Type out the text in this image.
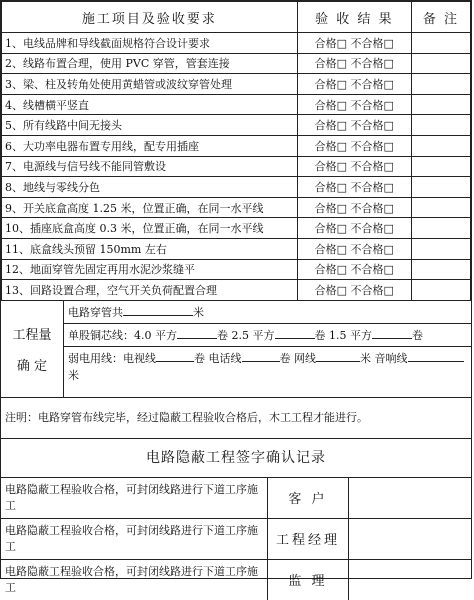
施工项目及验收要求	验 收 结 果	备 注
1、电线品牌和导线截面规格符合设计要求	合格□ 不合格□	
2、线路布置合理，使用 PVC 穿管，管套连接	合格□ 不合格□	
3、梁、柱及转角处使用黄蜡管或波纹穿管处理	合格□ 不合格□	
4、线槽横平竖直	合格□ 不合格□	
5、所有线路中间无接头	合格□ 不合格□	
6、大功率电器布置专用线，配专用插座	合格□ 不合格□	
7、电源线与信号线不能同管敷设	合格□ 不合格□	
8、地线与零线分色	合格□ 不合格□	
9、开关底盒高度 1.25 米，位置正确，在同一水平线	合格□ 不合格□	
10、插座底盒高度 0.3 米，位置正确，在同一水平线	合格□ 不合格□	
11、底盒线头预留 150mm 左右	合格□ 不合格□	
12、地面穿管先固定再用水泥沙浆缝平	合格□ 不合格□	
13、回路设置合理，空气开关负荷配置合理	合格□ 不合格□	
工程量
确 定
电路穿管共	米
单股铜芯线：4.0 平方	卷 2.5 平方	卷 1.5 平方	卷
弱电用线：电视线	卷 电话线	卷 网线	米 音响线米
注明：电路穿管布线完毕，经过隐蔽工程验收合格后，木工工程才能进行。
电路隐蔽工程签字确认记录
电路隐蔽工程验收合格，可封闭线路进行下道工序施工	客 户
电路隐蔽工程验收合格，可封闭线路进行下道工序施工	工程经理
电路隐蔽工程验收合格，可封闭线路进行下道工序施工	监 理
